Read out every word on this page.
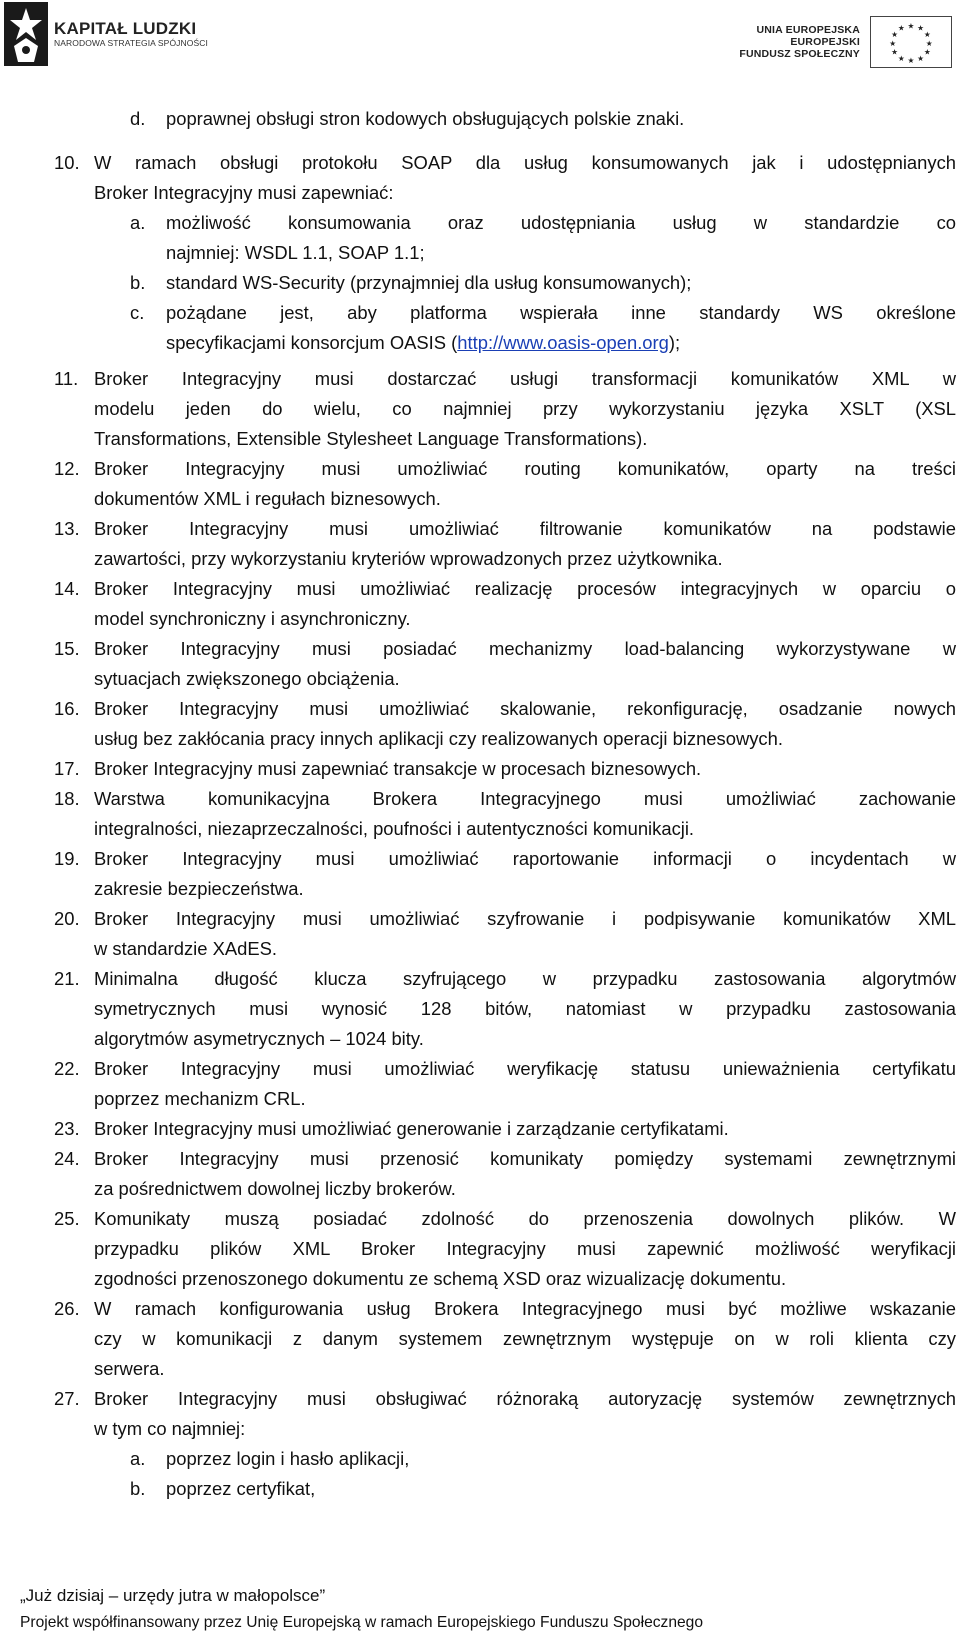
KAPITAŁ LUDZKI
NARODOWA STRATEGIA SPÓJNOŚCI
UNIA EUROPEJSKA
EUROPEJSKI
FUNDUSZ SPOŁECZNY
★ ★
★
★
★
★
★
★
★
★
★
★
d. poprawnej obsługi stron kodowych obsługujących polskie znaki.
10. W ramach obsługi protokołu SOAP dla usług konsumowanych jak i udostępnianych
Broker Integracyjny musi zapewniać:
a. możliwość konsumowania oraz udostępniania usług w standardzie co
najmniej: WSDL 1.1, SOAP 1.1;
b. standard WS-Security (przynajmniej dla usług konsumowanych);
c. pożądane jest, aby platforma wspierała inne standardy WS określone
specyfikacjami konsorcjum OASIS (http://www.oasis-open.org);
11. Broker Integracyjny musi dostarczać usługi transformacji komunikatów XML w
modelu jeden do wielu, co najmniej przy wykorzystaniu języka XSLT (XSL
Transformations, Extensible Stylesheet Language Transformations).
12. Broker Integracyjny musi umożliwiać routing komunikatów, oparty na treści
dokumentów XML i regułach biznesowych.
13. Broker Integracyjny musi umożliwiać filtrowanie komunikatów na podstawie
zawartości, przy wykorzystaniu kryteriów wprowadzonych przez użytkownika.
14. Broker Integracyjny musi umożliwiać realizację procesów integracyjnych w oparciu o
model synchroniczny i asynchroniczny.
15. Broker Integracyjny musi posiadać mechanizmy load-balancing wykorzystywane w
sytuacjach zwiększonego obciążenia.
16. Broker Integracyjny musi umożliwiać skalowanie, rekonfigurację, osadzanie nowych
usług bez zakłócania pracy innych aplikacji czy realizowanych operacji biznesowych.
17. Broker Integracyjny musi zapewniać transakcje w procesach biznesowych.
18. Warstwa komunikacyjna Brokera Integracyjnego musi umożliwiać zachowanie
integralności, niezaprzeczalności, poufności i autentyczności komunikacji.
19. Broker Integracyjny musi umożliwiać raportowanie informacji o incydentach w
zakresie bezpieczeństwa.
20. Broker Integracyjny musi umożliwiać szyfrowanie i podpisywanie komunikatów XML
w standardzie XAdES.
21. Minimalna długość klucza szyfrującego w przypadku zastosowania algorytmów
symetrycznych musi wynosić 128 bitów, natomiast w przypadku zastosowania
algorytmów asymetrycznych – 1024 bity.
22. Broker Integracyjny musi umożliwiać weryfikację statusu unieważnienia certyfikatu
poprzez mechanizm CRL.
23. Broker Integracyjny musi umożliwiać generowanie i zarządzanie certyfikatami.
24. Broker Integracyjny musi przenosić komunikaty pomiędzy systemami zewnętrznymi
za pośrednictwem dowolnej liczby brokerów.
25. Komunikaty muszą posiadać zdolność do przenoszenia dowolnych plików. W
przypadku plików XML Broker Integracyjny musi zapewnić możliwość weryfikacji
zgodności przenoszonego dokumentu ze schemą XSD oraz wizualizację dokumentu.
26. W ramach konfigurowania usług Brokera Integracyjnego musi być możliwe wskazanie
czy w komunikacji z danym systemem zewnętrznym występuje on w roli klienta czy
serwera.
27. Broker Integracyjny musi obsługiwać różnoraką autoryzację systemów zewnętrznych
w tym co najmniej:
a. poprzez login i hasło aplikacji,
b. poprzez certyfikat,
„Już dzisiaj – urzędy jutra w małopolsce”
Projekt współfinansowany przez Unię Europejską w ramach Europejskiego Funduszu Społecznego
